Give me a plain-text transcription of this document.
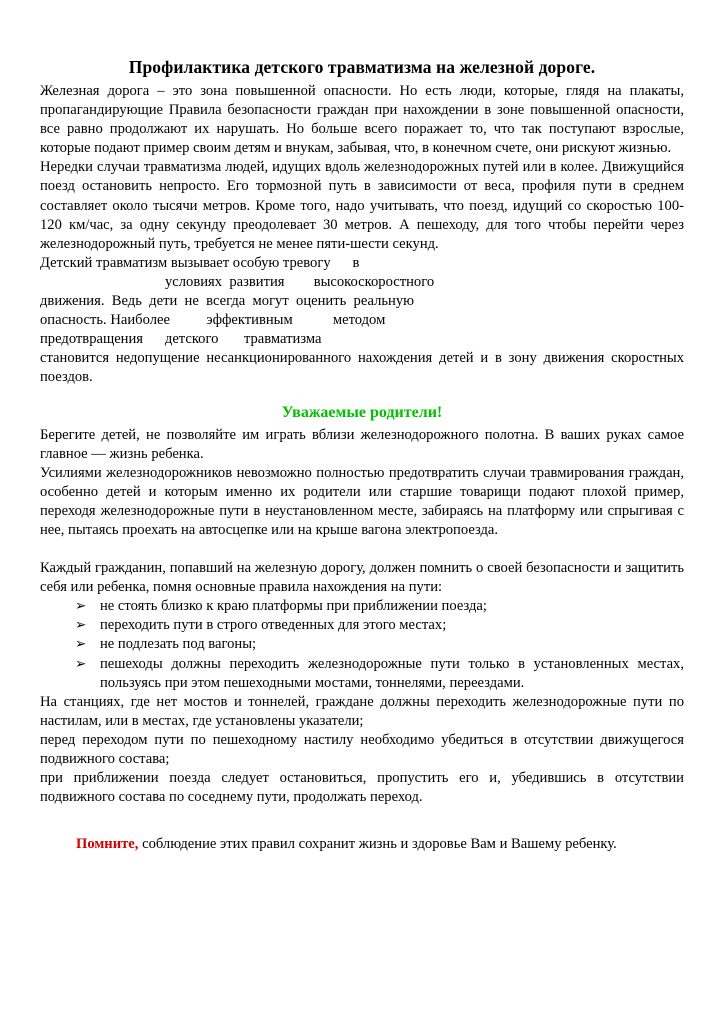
Профилактика детского травматизма на железной дороге.

Железная дорога – это зона повышенной опасности. Но есть люди, которые, глядя на плакаты, пропагандирующие Правила безопасности граждан при нахождении в зоне повышенной опасности, все равно продолжают их нарушать. Но больше всего поражает то, что так поступают взрослые, которые подают пример своим детям и внукам, забывая, что, в конечном счете, они рискуют жизнью.

Нередки случаи травматизма людей, идущих вдоль железнодорожных путей или в колее. Движущийся поезд остановить непросто. Его тормозной путь в зависимости от веса, профиля пути в среднем составляет около тысячи метров. Кроме того, надо учитывать, что поезд, идущий со скоростью 100-120 км/час, за одну секунду преодолевает 30 метров. А пешеходу, для того чтобы перейти через железнодорожный путь, требуется не менее пяти-шести секунд.

Детский травматизм вызывает особую тревогу      в
условиях  развития        высокоскоростного
движения.  Ведь  дети  не  всегда  могут  оценить  реальную
опасность. Наиболее          эффективным           методом
предотвращения      детского       травматизма

становится недопущение несанкционированного нахождения детей и в зону движения скоростных поездов.

Уважаемые родители!

Берегите детей, не позволяйте им играть вблизи железнодорожного полотна. В ваших руках самое главное — жизнь ребенка.

Усилиями железнодорожников невозможно полностью предотвратить случаи травмирования граждан, особенно детей и которым именно их родители или старшие товарищи подают плохой пример, переходя железнодорожные пути в неустановленном месте, забираясь на платформу или спрыгивая с нее, пытаясь проехать на автосцепке или на крыше вагона электропоезда.

Каждый гражданин, попавший на железную дорогу, должен помнить о своей безопасности и защитить себя или ребенка, помня основные правила нахождения на пути:

➢ не стоять близко к краю платформы при приближении поезда;
➢ переходить пути в строго отведенных для этого местах;
➢ не подлезать под вагоны;
➢ пешеходы должны переходить железнодорожные пути только в установленных местах, пользуясь при этом пешеходными мостами, тоннелями, переездами.

На станциях, где нет мостов и тоннелей, граждане должны переходить железнодорожные пути по настилам, или в местах, где установлены указатели;

перед переходом пути по пешеходному настилу необходимо убедиться в отсутствии движущегося подвижного состава;

при приближении поезда следует остановиться, пропустить его и, убедившись в отсутствии подвижного состава по соседнему пути, продолжать переход.

Помните, соблюдение этих правил сохранит жизнь и здоровье Вам и Вашему ребенку.
